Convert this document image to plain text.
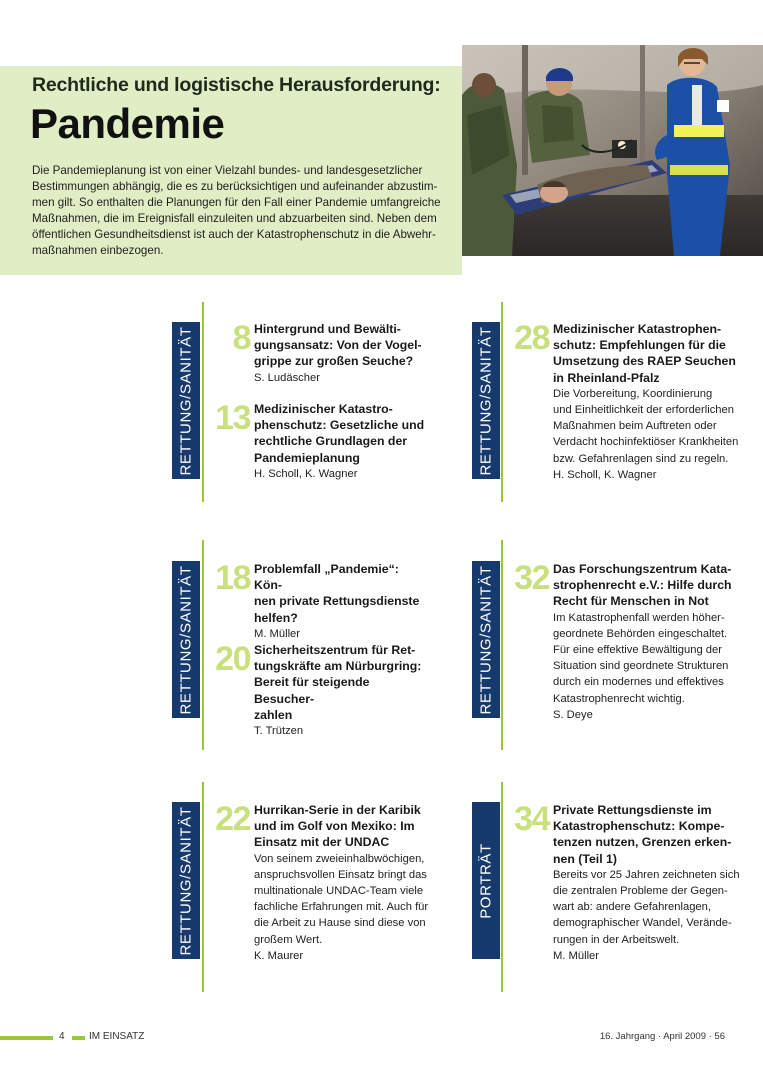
Rechtliche und logistische Herausforderung:
Pandemie
Die Pandemieplanung ist von einer Vielzahl bundes- und landesgesetzlicher
Bestimmungen abhängig, die es zu berücksichtigen und aufeinander abzustim-
men gilt. So enthalten die Planungen für den Fall einer Pandemie umfangreiche
Maßnahmen, die im Ereignisfall einzuleiten und abzuarbeiten sind. Neben dem
öffentlichen Gesundheitsdienst ist auch der Katastrophenschutz in die Abwehr-
maßnahmen einbezogen.
RETTUNG/SANITÄT	8 Hintergrund und Bewälti-
gungsansatz: Von der Vogel-
grippe zur großen Seuche?
S. Ludäscher
13 Medizinischer Katastro-
phenschutz: Gesetzliche und
rechtliche Grundlagen der
Pandemieplanung
H. Scholl, K. Wagner	RETTUNG/SANITÄT 28 Medizinischer Katastrophen-
schutz: Empfehlungen für die
Umsetzung des RAEP Seuchen
in Rheinland-Pfalz
Die Vorbereitung, Koordinierung
und Einheitlichkeit der erforderlichen
Maßnahmen beim Auftreten oder
Verdacht hochinfektiöser Krankheiten
bzw. Gefahrenlagen sind zu regeln.
H. Scholl, K. Wagner
RETTUNG/SANITÄT 18 Problemfall „Pandemie“: Kön-
nen private Rettungsdienste
helfen?
M. Müller
20 Sicherheitszentrum für Ret-
tungskräfte am Nürburgring:
Bereit für steigende Besucher-
zahlen
T. Trützen
RETTUNG/SANITÄT 32 Das Forschungszentrum Kata-
strophenrecht e.V.: Hilfe durch
Recht für Menschen in Not
Im Katastrophenfall werden höher-
geordnete Behörden eingeschaltet.
Für eine effektive Bewältigung der
Situation sind geordnete Strukturen
durch ein modernes und effektives
Katastrophenrecht wichtig.
S. Deye
RETTUNG/SANITÄT 22 Hurrikan-Serie in der Karibik
und im Golf von Mexiko: Im
Einsatz mit der UNDAC
Von seinem zweieinhalbwöchigen,
anspruchsvollen Einsatz bringt das
multinationale UNDAC-Team viele
fachliche Erfahrungen mit. Auch für
die Arbeit zu Hause sind diese von
großem Wert.
K. Maurer
PORTRÄT
34 Private Rettungsdienste im
Katastrophenschutz: Kompe-
tenzen nutzen, Grenzen erken-
nen (Teil 1)
Bereits vor 25 Jahren zeichneten sich
die zentralen Probleme der Gegen-
wart ab: andere Gefahrenlagen,
demographischer Wandel, Verände-
rungen in der Arbeitswelt.
M. Müller
4 IM EINSATZ	16. Jahrgang · April 2009 · 56
